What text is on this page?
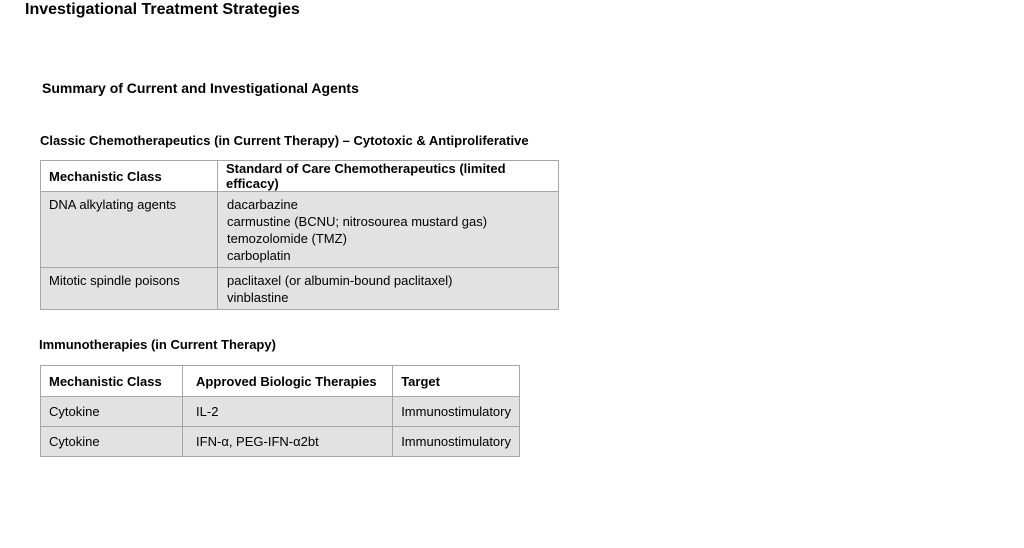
Investigational Treatment Strategies
Summary of Current and Investigational Agents
Classic Chemotherapeutics (in Current Therapy) – Cytotoxic & Antiproliferative
Mechanistic Class	Standard of Care Chemotherapeutics (limited efficacy)
DNA alkylating agents	dacarbazine
carmustine (BCNU; nitrosourea mustard gas)
temozolomide (TMZ)
carboplatin

Mitotic spindle poisons	paclitaxel (or albumin-bound paclitaxel)
vinblastine
Immunotherapies (in Current Therapy)
Mechanistic Class	Approved Biologic Therapies	Target
Cytokine	IL-2	Immunostimulatory
Cytokine	IFN-α, PEG-IFN-α2bt	Immunostimulatory
